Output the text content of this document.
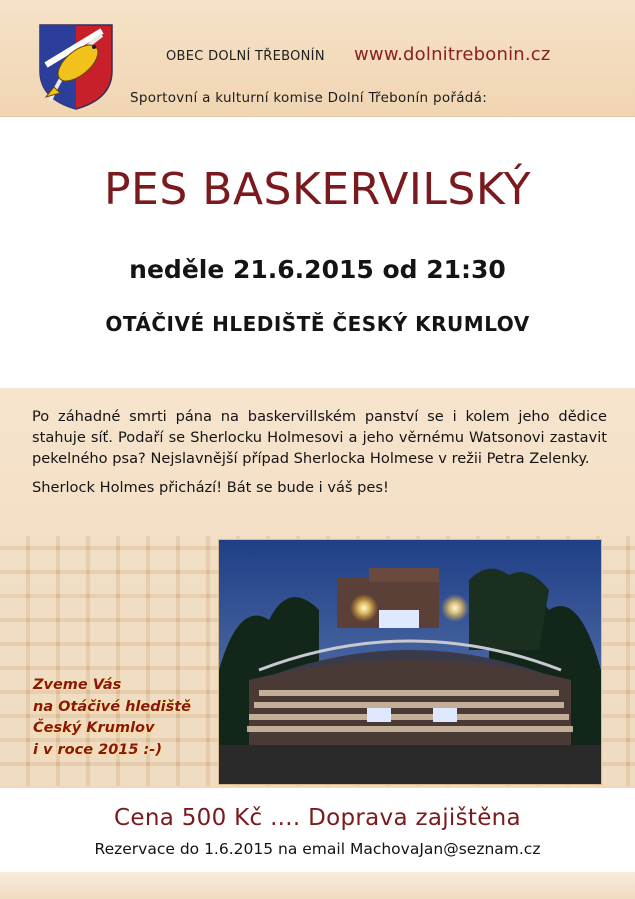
OBEC DOLNÍ TŘEBONÍN www.dolnitrebonin.cz
Sportovní a kulturní komise Dolní Třebonín pořádá:
PES BASKERVILSKÝ
neděle 21.6.2015 od 21:30
OTÁČIVÉ HLEDIŠTĚ ČESKÝ KRUMLOV

Po záhadné smrti pána na baskervillském panství se i kolem jeho dědice stahuje síť. Podaří se Sherlocku Holmesovi a jeho věrnému Watsonovi zastavit pekelného psa? Nejslavnější případ Sherlocka Holmese v režii Petra Zelenky.

Sherlock Holmes přichází! Bát se bude i váš pes!

Zveme Vás
na Otáčivé hlediště
Český Krumlov
i v roce 2015 :-)
Cena 500 Kč .... Doprava zajištěna
Rezervace do 1.6.2015 na email MachovaJan@seznam.cz
